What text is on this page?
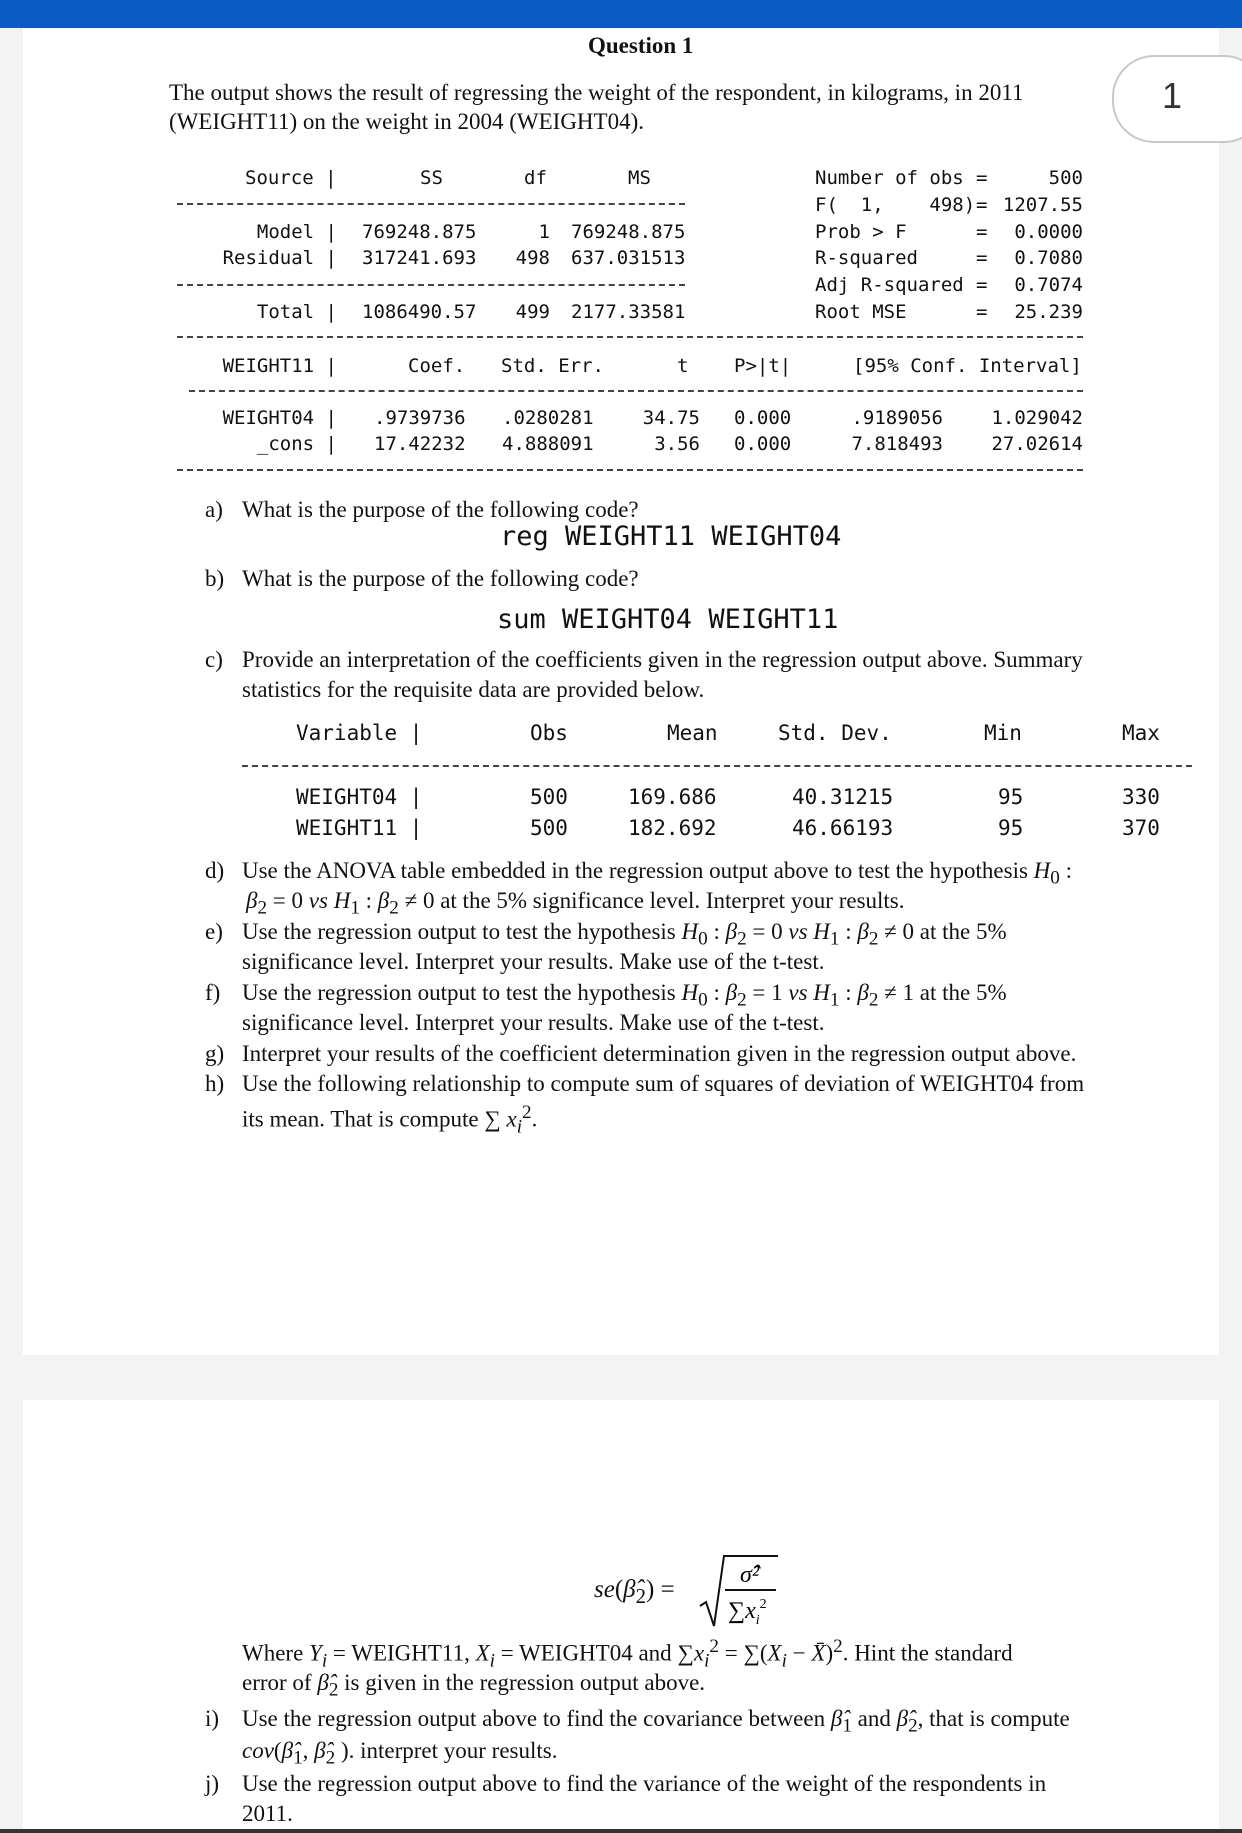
1
Question 1
The output shows the result of regressing the weight of the respondent, in kilograms, in 2011
(WEIGHT11) on the weight in 2004 (WEIGHT04).
Source |	SS	df	MS
Model | 769248.875	1 769248.875
Residual | 317241.693	498 637.031513
Total | 1086490.57	499 2177.33581
Number of obs =	500
F(  1,    498) = 1207.55
Prob > F	=	0.0000
R-squared	=	0.7080
Adj R-squared =	0.7074
Root MSE	=	25.239
WEIGHT11 |	Coef. Std. Err.	t P>|t|	[95% Conf. Interval]
WEIGHT04 | .9739736 .0280281	34.75 0.000	.9189056	1.029042
_cons | 17.42232 4.888091	3.56 0.000	7.818493	27.02614
a) What is the purpose of the following code?
reg WEIGHT11 WEIGHT04
b) What is the purpose of the following code?
sum WEIGHT04 WEIGHT11
c) Provide an interpretation of the coefficients given in the regression output above. Summary
statistics for the requisite data are provided below.
Variable |	Obs	Mean	Std. Dev.	Min	Max
WEIGHT04 |	500	169.686	40.31215	95	330
WEIGHT11 |	500	182.692	46.66193	95	370
d) Use the ANOVA table embedded in the regression output above to test the hypothesis $H_0$ :
$\beta_2 = 0$ vs $H_1$ : $\beta_2 \ne 0$ at the 5% significance level. Interpret your results.
e) Use the regression output to test the hypothesis $H_0$ : $\beta_2 = 0$ vs $H_1$ : $\beta_2 \ne 0$ at the 5%
significance level. Interpret your results. Make use of the t-test.
f) Use the regression output to test the hypothesis $H_0$ : $\beta_2 = 1$ vs $H_1$ : $\beta_2 \ne 1$ at the 5%
significance level. Interpret your results. Make use of the t-test.
g) Interpret your results of the coefficient determination given in the regression output above.
h) Use the following relationship to compute sum of squares of deviation of WEIGHT04 from
its mean. That is compute ∑ $x_i^2$.
$se(\betâ_2)$ =
σ̂²
$\sum x_i^2$
Where $Y_i$ = WEIGHT11, $X_i$ = WEIGHT04 and $\sum x_i^2 = \sum(X_i$ − X̄)$^2$. Hint the standard
error of $\betâ_2$ is given in the regression output above.
i) Use the regression output above to find the covariance between $\betâ_1$ and $\betâ_2$, that is compute
$cov(\betâ_1$, $\betâ_2$ ). interpret your results.
j) Use the regression output above to find the variance of the weight of the respondents in
2011.
